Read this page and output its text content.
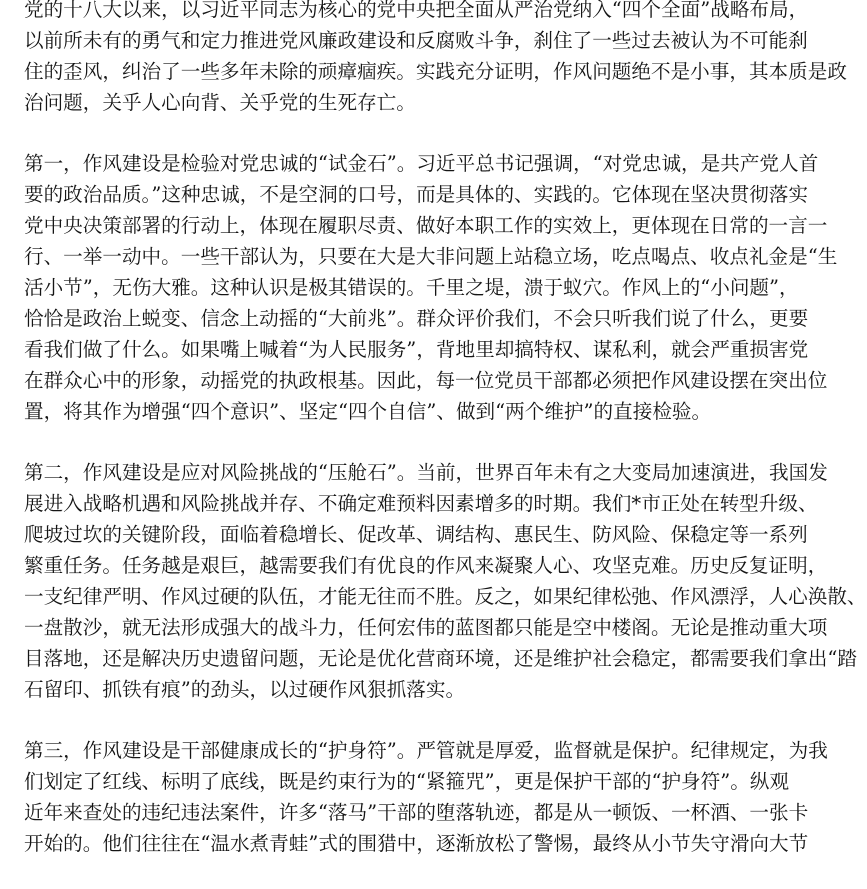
党的十八大以来，以习近平同志为核心的党中央把全面从严治党纳入“四个全面”战略布局，
以前所未有的勇气和定力推进党风廉政建设和反腐败斗争，刹住了一些过去被认为不可能刹
住的歪风，纠治了一些多年未除的顽瘴痼疾。实践充分证明，作风问题绝不是小事，其本质是政
治问题，关乎人心向背、关乎党的生死存亡。
第一，作风建设是检验对党忠诚的“试金石”。习近平总书记强调，“对党忠诚，是共产党人首
要的政治品质。”这种忠诚，不是空洞的口号，而是具体的、实践的。它体现在坚决贯彻落实
党中央决策部署的行动上，体现在履职尽责、做好本职工作的实效上，更体现在日常的一言一
行、一举一动中。一些干部认为，只要在大是大非问题上站稳立场，吃点喝点、收点礼金是“生
活小节”，无伤大雅。这种认识是极其错误的。千里之堤，溃于蚁穴。作风上的“小问题”，
恰恰是政治上蜕变、信念上动摇的“大前兆”。群众评价我们，不会只听我们说了什么，更要
看我们做了什么。如果嘴上喊着“为人民服务”，背地里却搞特权、谋私利，就会严重损害党
在群众心中的形象，动摇党的执政根基。因此，每一位党员干部都必须把作风建设摆在突出位
置，将其作为增强“四个意识”、坚定“四个自信”、做到“两个维护”的直接检验。
第二，作风建设是应对风险挑战的“压舱石”。当前，世界百年未有之大变局加速演进，我国发
展进入战略机遇和风险挑战并存、不确定难预料因素增多的时期。我们*市正处在转型升级、
爬坡过坎的关键阶段，面临着稳增长、促改革、调结构、惠民生、防风险、保稳定等一系列
繁重任务。任务越是艰巨，越需要我们有优良的作风来凝聚人心、攻坚克难。历史反复证明，
一支纪律严明、作风过硬的队伍，才能无往而不胜。反之，如果纪律松弛、作风漂浮，人心涣散、
一盘散沙，就无法形成强大的战斗力，任何宏伟的蓝图都只能是空中楼阁。无论是推动重大项
目落地，还是解决历史遗留问题，无论是优化营商环境，还是维护社会稳定，都需要我们拿出“踏
石留印、抓铁有痕”的劲头，以过硬作风狠抓落实。
第三，作风建设是干部健康成长的“护身符”。严管就是厚爱，监督就是保护。纪律规定，为我
们划定了红线、标明了底线，既是约束行为的“紧箍咒”，更是保护干部的“护身符”。纵观
近年来查处的违纪违法案件，许多“落马”干部的堕落轨迹，都是从一顿饭、一杯酒、一张卡
开始的。他们往往在“温水煮青蛙”式的围猎中，逐渐放松了警惕，最终从小节失守滑向大节
